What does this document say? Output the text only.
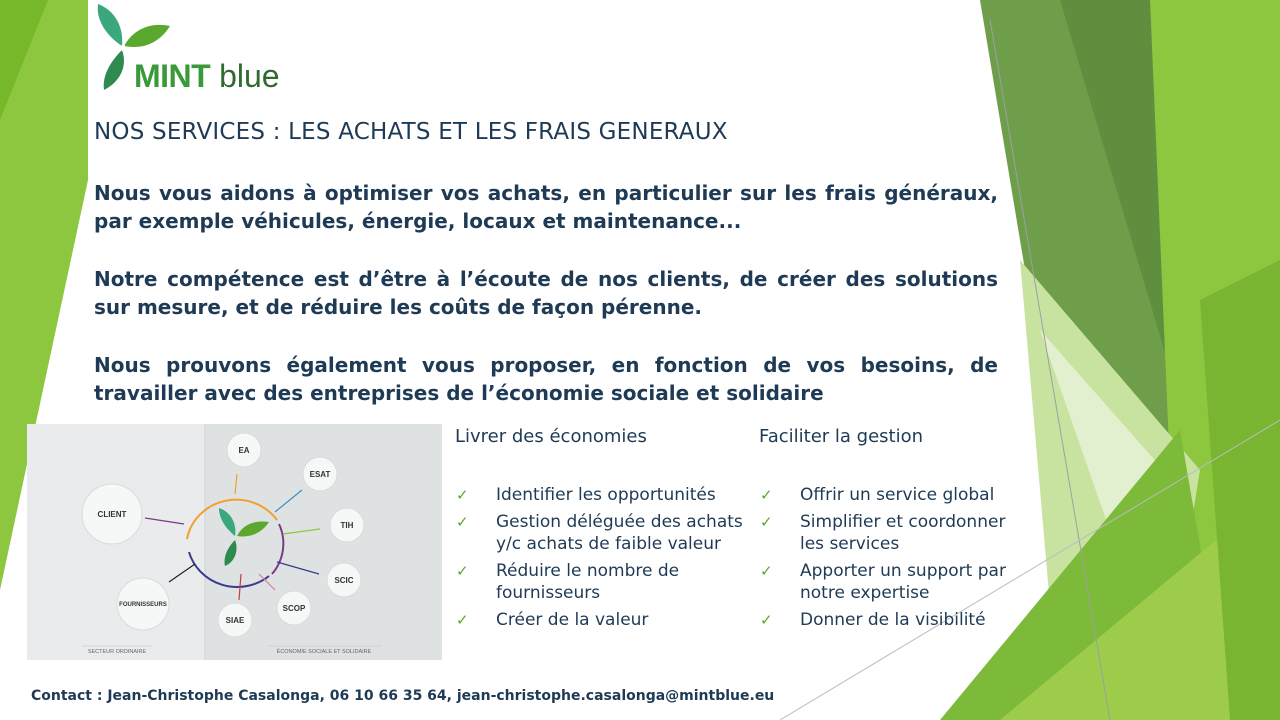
MINT blue
NOS SERVICES : LES ACHATS ET LES FRAIS GENERAUX
Nous vous aidons à optimiser vos achats, en particulier sur les frais généraux, par exemple véhicules, énergie, locaux et maintenance...
Notre compétence est d’être à l’écoute de nos clients, de créer des solutions sur mesure, et de réduire les coûts de façon pérenne.
Nous prouvons également vous proposer, en fonction de vos besoins, de travailler avec des entreprises de l’économie sociale et solidaire
EA
ESAT
TIH
SCIC
SCOP
SIAE
CLIENT
FOURNISSEURS
SECTEUR ORDINAIRE	ÉCONOMIE SOCIALE ET SOLIDAIRE
Livrer des économies
✓ Identifier les opportunités
✓ Gestion déléguée des achats y/c achats de faible valeur
✓ Réduire le nombre de fournisseurs
✓ Créer de la valeur
Faciliter la gestion
✓ Offrir un service global
✓ Simplifier et coordonner les services
✓ Apporter un support par notre expertise
✓ Donner de la visibilité
Contact : Jean-Christophe Casalonga, 06 10 66 35 64, jean-christophe.casalonga@mintblue.eu
